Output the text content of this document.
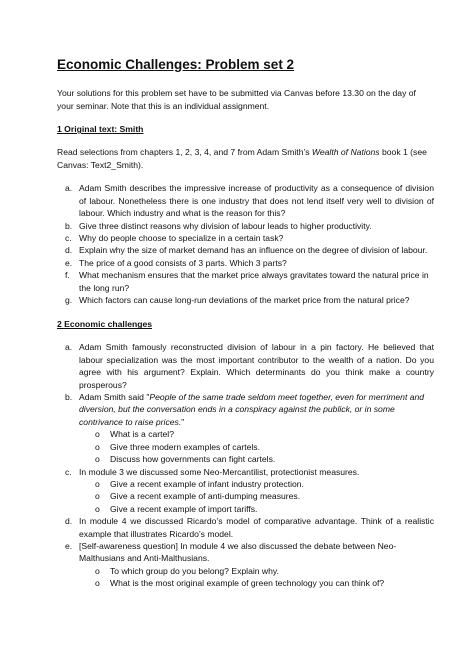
Economic Challenges: Problem set 2
Your solutions for this problem set have to be submitted via Canvas before 13.30 on the day of your seminar. Note that this is an individual assignment.
1 Original text: Smith
Read selections from chapters 1, 2, 3, 4, and 7 from Adam Smith’s Wealth of Nations book 1 (see Canvas: Text2_Smith).
a. Adam Smith describes the impressive increase of productivity as a consequence of division of labour. Nonetheless there is one industry that does not lend itself very well to division of labour. Which industry and what is the reason for this?
b. Give three distinct reasons why division of labour leads to higher productivity.
c. Why do people choose to specialize in a certain task?
d. Explain why the size of market demand has an influence on the degree of division of labour.
e. The price of a good consists of 3 parts. Which 3 parts?
f. What mechanism ensures that the market price always gravitates toward the natural price in the long run?
g. Which factors can cause long-run deviations of the market price from the natural price?
2 Economic challenges
a. Adam Smith famously reconstructed division of labour in a pin factory. He believed that labour specialization was the most important contributor to the wealth of a nation. Do you agree with his argument? Explain. Which determinants do you think make a country prosperous?
b. Adam Smith said "People of the same trade seldom meet together, even for merriment and diversion, but the conversation ends in a conspiracy against the publick, or in some contrivance to raise prices."
o What is a cartel?
o Give three modern examples of cartels.
o Discuss how governments can fight cartels.
c. In module 3 we discussed some Neo-Mercantilist, protectionist measures.
o Give a recent example of infant industry protection.
o Give a recent example of anti-dumping measures.
o Give a recent example of import tariffs.
d. In module 4 we discussed Ricardo’s model of comparative advantage. Think of a realistic example that illustrates Ricardo’s model.
e. [Self-awareness question] In module 4 we also discussed the debate between Neo-Malthusians and Anti-Malthusians.
o To which group do you belong? Explain why.
o What is the most original example of green technology you can think of?
